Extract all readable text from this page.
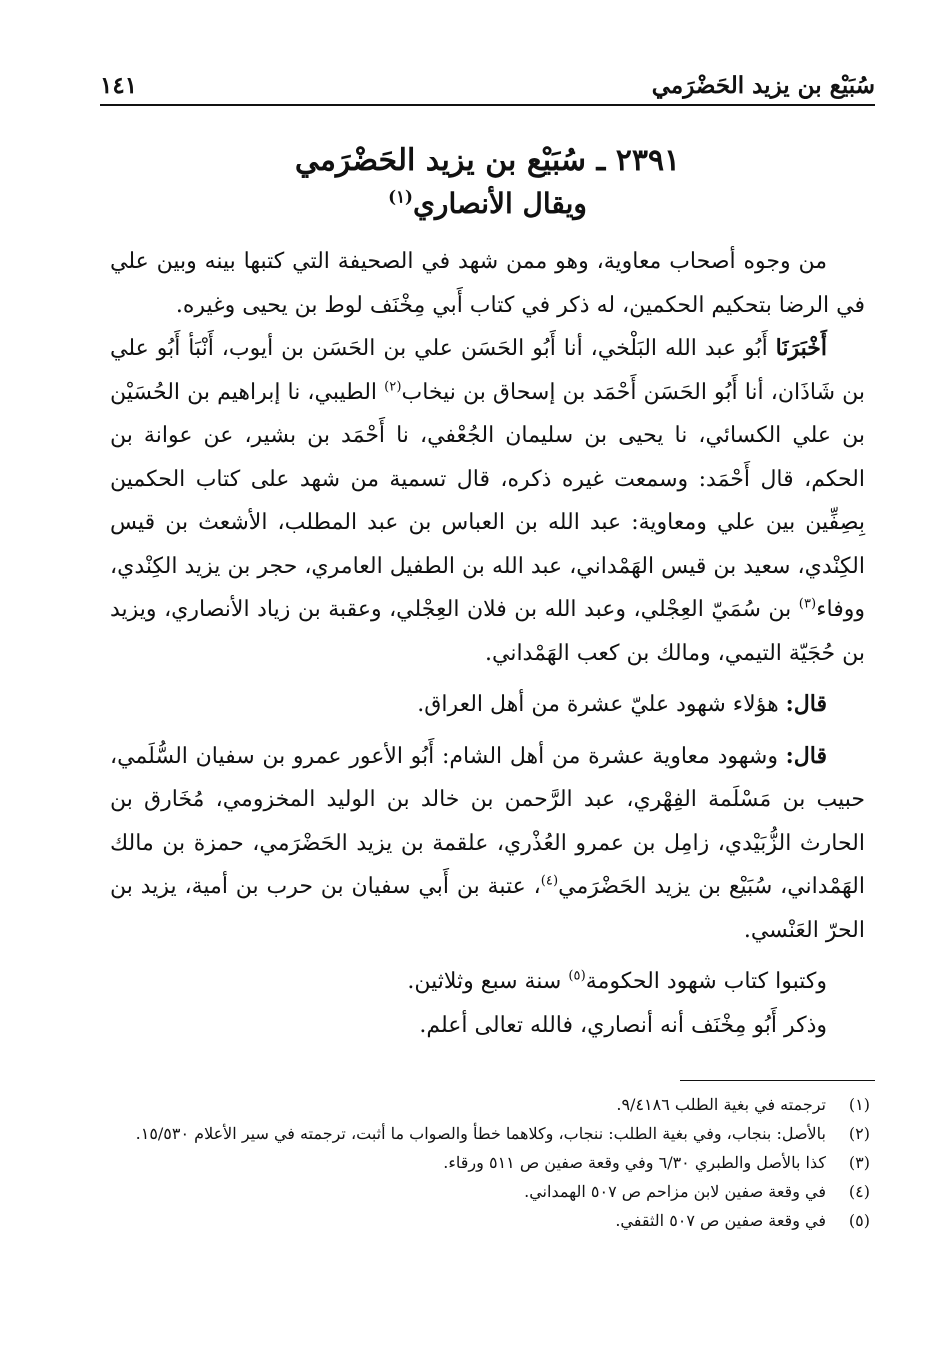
سُبَيْع بن يزيد الحَضْرَمي
١٤١
٢٣٩١ ـ سُبَيْع بن يزيد الحَضْرَمي
ويقال الأنصاري$^{(١)}$

من وجوه أصحاب معاوية، وهو ممن شهد في الصحيفة التي كتبها بينه وبين علي في الرضا بتحكيم الحكمين، له ذكر في كتاب أَبي مِخْنَف لوط بن يحيى وغيره.

أَخْبَرَنَا أَبُو عبد الله البَلْخي، أنا أَبُو الحَسَن علي بن الحَسَن بن أيوب، أَنْبَأ أَبُو علي بن شَاذَان، أنا أَبُو الحَسَن أَحْمَد بن إسحاق بن نيخاب$^{(٢)}$ الطيبي، نا إبراهيم بن الحُسَيْن بن علي الكسائي، نا يحيى بن سليمان الجُعْفي، نا أَحْمَد بن بشير، عن عوانة بن الحكم، قال أَحْمَد: وسمعت غيره ذكره، قال تسمية من شهد على كتاب الحكمين بِصِفِّين بين علي ومعاوية: عبد الله بن العباس بن عبد المطلب، الأشعث بن قيس الكِنْدي، سعيد بن قيس الهَمْداني، عبد الله بن الطفيل العامري، حجر بن يزيد الكِنْدي، ووفاء$^{(٣)}$ بن سُمَيّ العِجْلي، وعبد الله بن فلان العِجْلي، وعقبة بن زياد الأنصاري، ويزيد بن حُجَيّة التيمي، ومالك بن كعب الهَمْداني.

قال: هؤلاء شهود عليّ عشرة من أهل العراق.

قال: وشهود معاوية عشرة من أهل الشام: أَبُو الأعور عمرو بن سفيان السُّلَمي، حبيب بن مَسْلَمة الفِهْري، عبد الرَّحمن بن خالد بن الوليد المخزومي، مُخَارق بن الحارث الزُّبَيْدي، زامِل بن عمرو العُذْري، علقمة بن يزيد الحَضْرَمي، حمزة بن مالك الهَمْداني، سُبَيْع بن يزيد الحَضْرَمي$^{(٤)}$، عتبة بن أَبي سفيان بن حرب بن أمية، يزيد بن الحرّ العَنْسي.

وكتبوا كتاب شهود الحكومة$^{(٥)}$ سنة سبع وثلاثين.

وذكر أَبُو مِخْنَف أنه أنصاري، فالله تعالى أعلم.

(١)
ترجمته في بغية الطلب ٩/٤١٨٦.
(٢)
بالأصل: بنجاب، وفي بغية الطلب: ننجاب، وكلاهما خطأ والصواب ما أثبت، ترجمته في سير الأعلام ١٥/٥٣٠.
(٣)
كذا بالأصل والطبري ٦/٣٠ وفي وقعة صفين ص ٥١١ ورقاء.
(٤)
في وقعة صفين لابن مزاحم ص ٥٠٧ الهمداني.
(٥)
في وقعة صفين ص ٥٠٧ الثقفي.
